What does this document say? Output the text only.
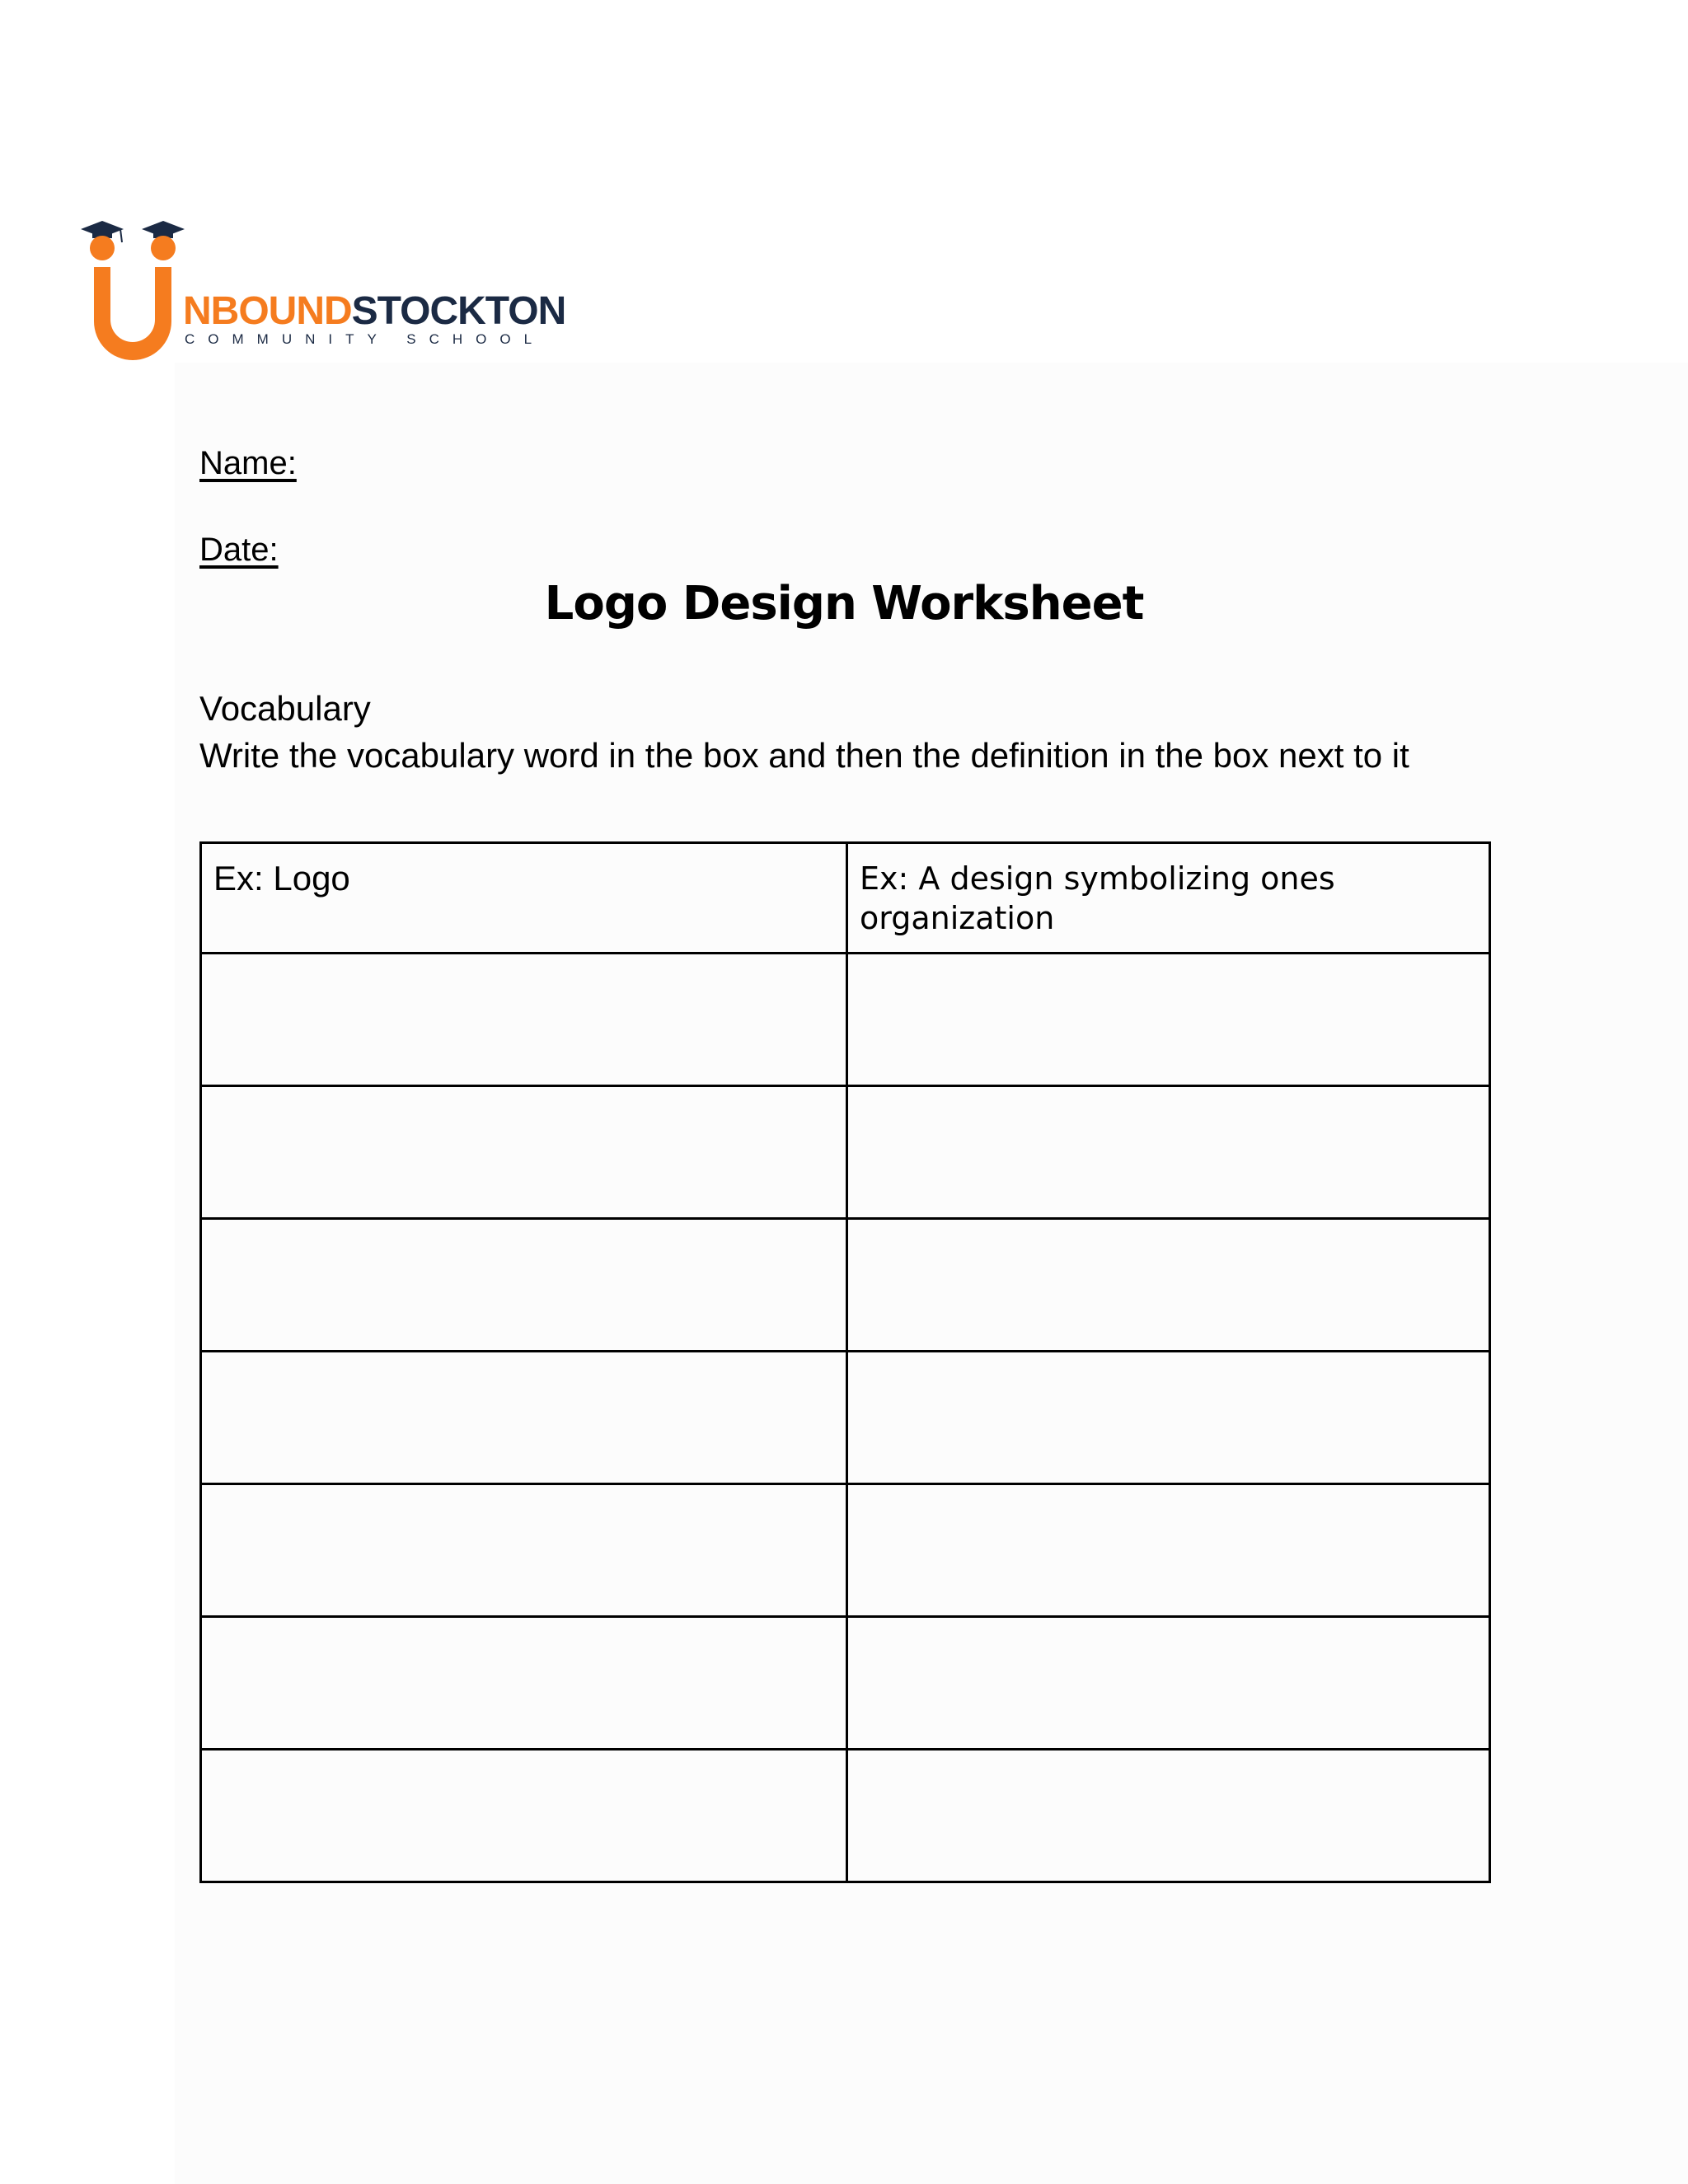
NBOUNDSTOCKTON
COMMUNITY SCHOOL
Name:
Date:
Logo Design Worksheet
Vocabulary
Write the vocabulary word in the box and then the definition in the box next to it
Ex: Logo	Ex: A design symbolizing ones organization
